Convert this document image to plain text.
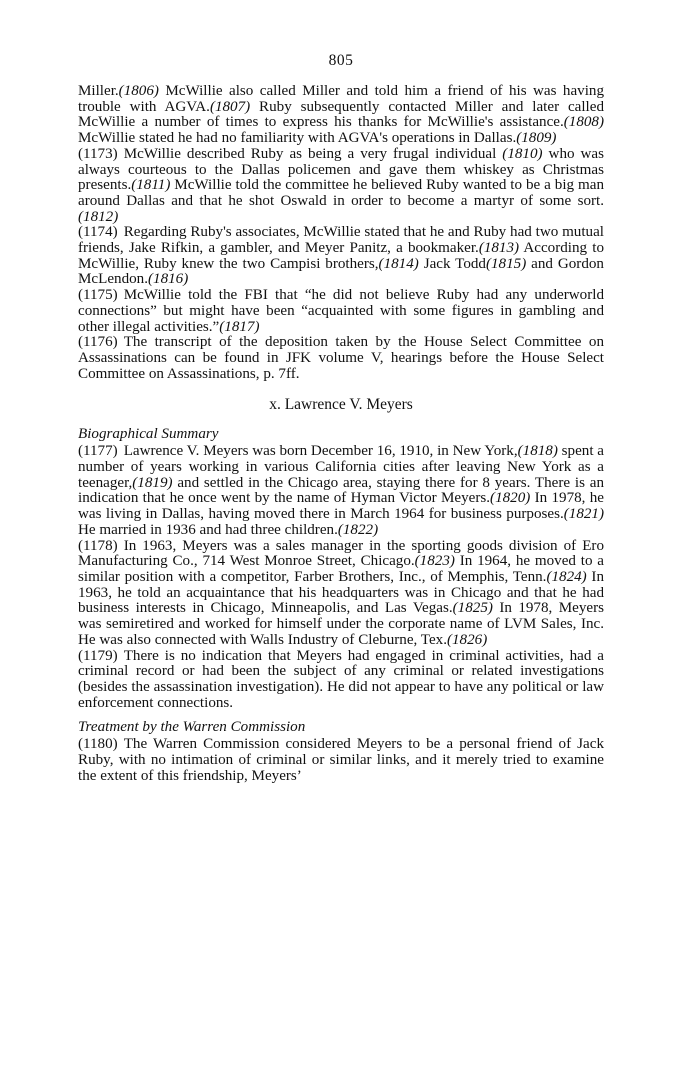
805

Miller.(1806) McWillie also called Miller and told him a friend of his was having trouble with AGVA.(1807) Ruby subsequently contacted Miller and later called McWillie a number of times to express his thanks for McWillie's assistance.(1808) McWillie stated he had no familiarity with AGVA's operations in Dallas.(1809)

(1173) McWillie described Ruby as being a very frugal individual (1810) who was always courteous to the Dallas policemen and gave them whiskey as Christmas presents.(1811) McWillie told the committee he believed Ruby wanted to be a big man around Dallas and that he shot Oswald in order to become a martyr of some sort.(1812)

(1174) Regarding Ruby's associates, McWillie stated that he and Ruby had two mutual friends, Jake Rifkin, a gambler, and Meyer Panitz, a bookmaker.(1813) According to McWillie, Ruby knew the two Campisi brothers,(1814) Jack Todd(1815) and Gordon McLendon.(1816)

(1175) McWillie told the FBI that “he did not believe Ruby had any underworld connections” but might have been “acquainted with some figures in gambling and other illegal activities.”(1817)

(1176) The transcript of the deposition taken by the House Select Committee on Assassinations can be found in JFK volume V, hearings before the House Select Committee on Assassinations, p. 7ff.

x. Lawrence V. Meyers
Biographical Summary

(1177) Lawrence V. Meyers was born December 16, 1910, in New York,(1818) spent a number of years working in various California cities after leaving New York as a teenager,(1819) and settled in the Chicago area, staying there for 8 years. There is an indication that he once went by the name of Hyman Victor Meyers.(1820) In 1978, he was living in Dallas, having moved there in March 1964 for business purposes.(1821) He married in 1936 and had three children.(1822)

(1178) In 1963, Meyers was a sales manager in the sporting goods division of Ero Manufacturing Co., 714 West Monroe Street, Chicago.(1823) In 1964, he moved to a similar position with a competitor, Farber Brothers, Inc., of Memphis, Tenn.(1824) In 1963, he told an acquaintance that his headquarters was in Chicago and that he had business interests in Chicago, Minneapolis, and Las Vegas.(1825) In 1978, Meyers was semiretired and worked for himself under the corporate name of LVM Sales, Inc. He was also connected with Walls Industry of Cleburne, Tex.(1826)

(1179) There is no indication that Meyers had engaged in criminal activities, had a criminal record or had been the subject of any criminal or related investigations (besides the assassination investigation). He did not appear to have any political or law enforcement connections.

Treatment by the Warren Commission

(1180) The Warren Commission considered Meyers to be a personal friend of Jack Ruby, with no intimation of criminal or similar links, and it merely tried to examine the extent of this friendship, Meyers’
